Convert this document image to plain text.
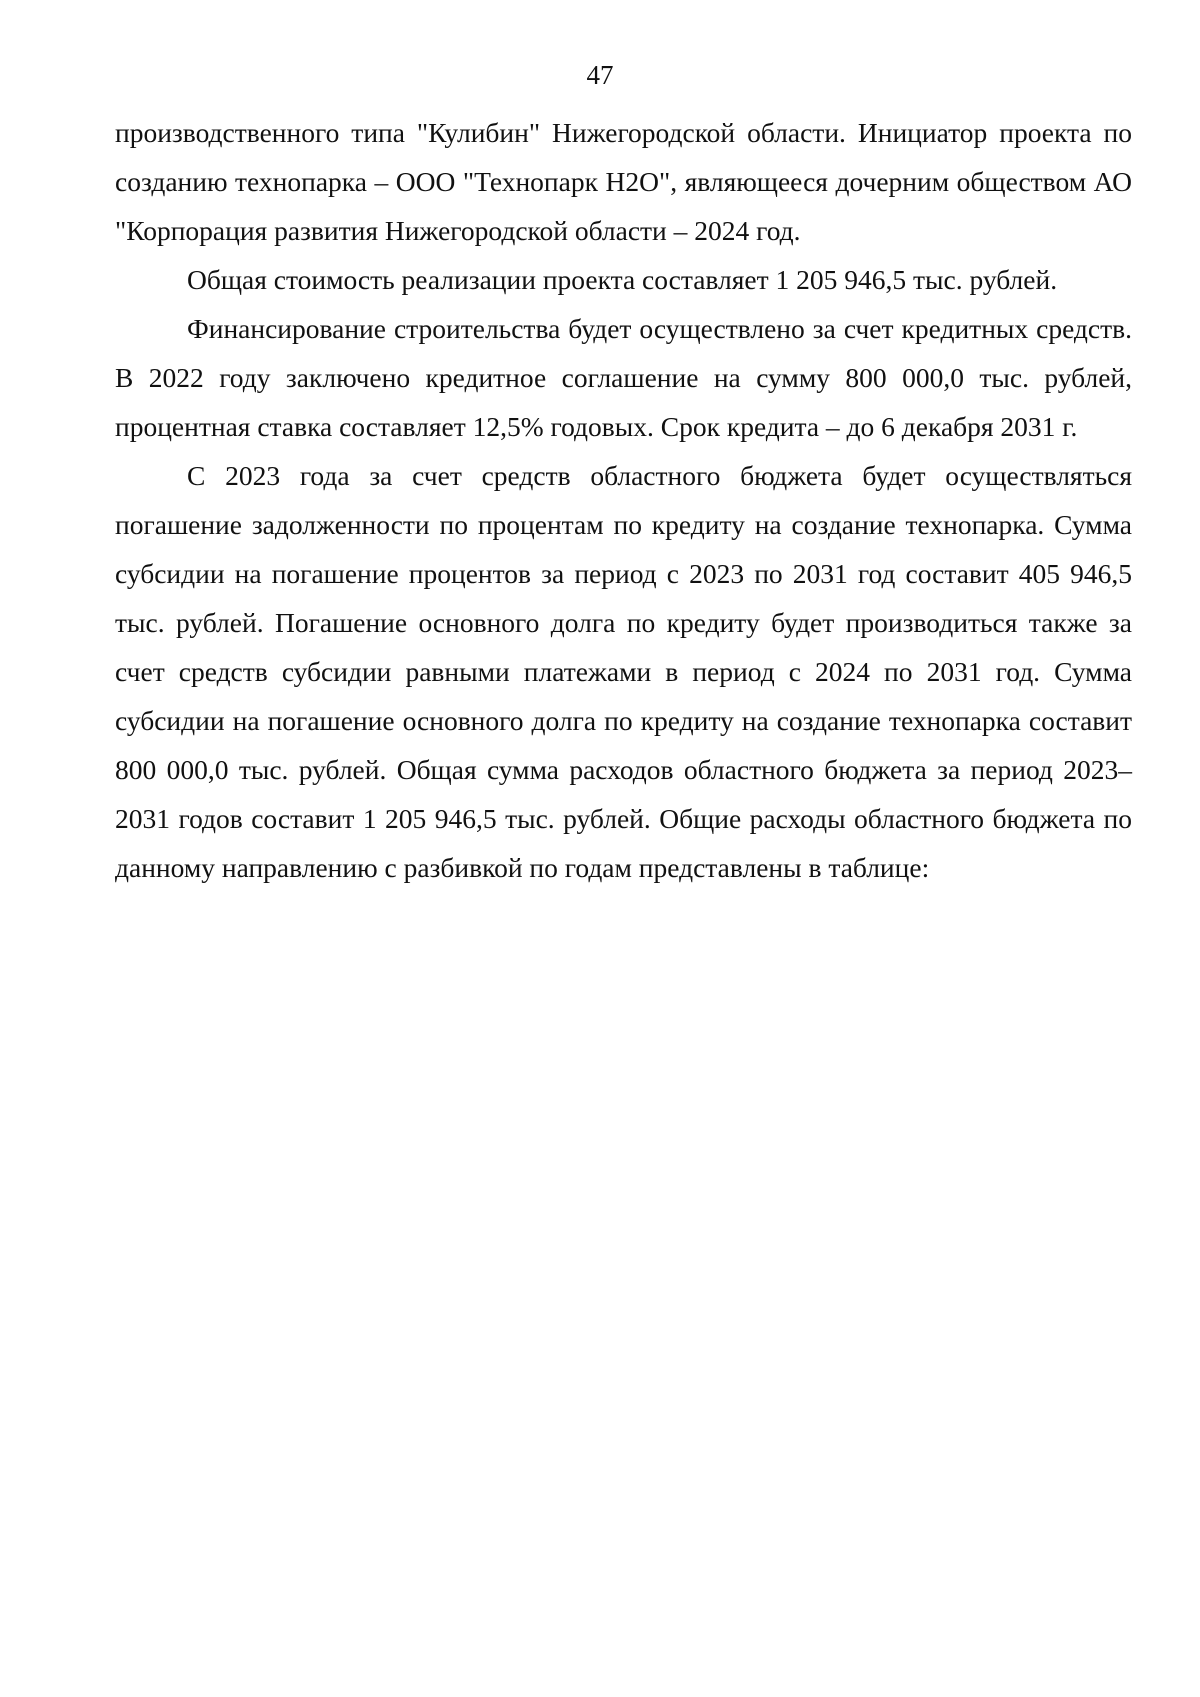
47

производственного типа "Кулибин" Нижегородской области. Инициатор проекта по созданию технопарка – ООО "Технопарк H2O", являющееся дочерним обществом АО "Корпорация развития Нижегородской области – 2024 год.

Общая стоимость реализации проекта составляет 1 205 946,5 тыс. рублей.

Финансирование строительства будет осуществлено за счет кредитных средств. В 2022 году заключено кредитное соглашение на сумму 800 000,0 тыс. рублей, процентная ставка составляет 12,5% годовых. Срок кредита – до 6 декабря 2031 г.

С 2023 года за счет средств областного бюджета будет осуществляться погашение задолженности по процентам по кредиту на создание технопарка. Сумма субсидии на погашение процентов за период с 2023 по 2031 год составит 405 946,5 тыс. рублей. Погашение основного долга по кредиту будет производиться также за счет средств субсидии равными платежами в период с 2024 по 2031 год. Сумма субсидии на погашение основного долга по кредиту на создание технопарка составит 800 000,0 тыс. рублей. Общая сумма расходов областного бюджета за период 2023–2031 годов составит 1 205 946,5 тыс. рублей. Общие расходы областного бюджета по данному направлению с разбивкой по годам представлены в таблице:
